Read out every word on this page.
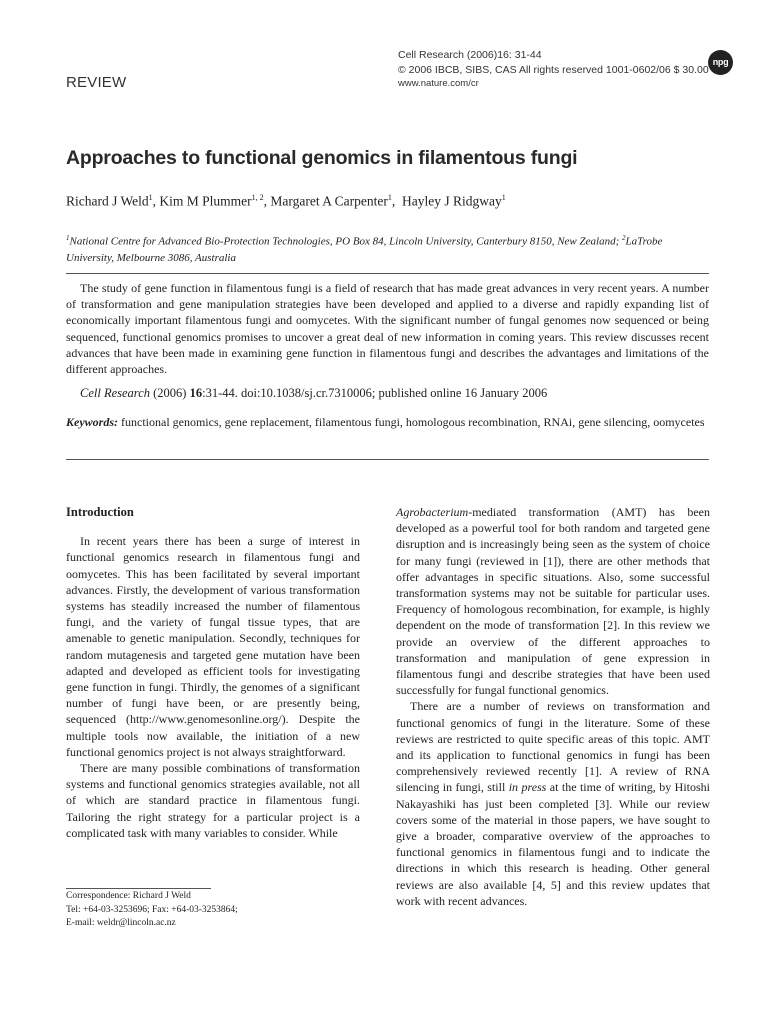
Cell Research (2006)16: 31-44
© 2006 IBCB, SIBS, CAS All rights reserved 1001-0602/06 $ 30.00
www.nature.com/cr
npg
REVIEW
Approaches to functional genomics in filamentous fungi
Richard J Weld$^1$, Kim M Plummer$^{1, 2}$, Margaret A Carpenter$^1$,  Hayley J Ridgway$^1$
$^1$National Centre for Advanced Bio-Protection Technologies, PO Box 84, Lincoln University, Canterbury 8150, New Zealand; $^2$LaTrobe University, Melbourne 3086, Australia

The study of gene function in filamentous fungi is a field of research that has made great advances in very recent years. A number of transformation and gene manipulation strategies have been developed and applied to a diverse and rapidly expanding list of economically important filamentous fungi and oomycetes. With the significant number of fungal genomes now sequenced or being sequenced, functional genomics promises to uncover a great deal of new information in coming years. This review discusses recent advances that have been made in examining gene function in filamentous fungi and describes the advantages and limitations of the different approaches.

Cell Research (2006) 16:31-44. doi:10.1038/sj.cr.7310006; published online 16 January 2006

Keywords: functional genomics, gene replacement, filamentous fungi, homologous recombination, RNAi, gene silencing, oomycetes

Introduction

In recent years there has been a surge of interest in functional genomics research in filamentous fungi and oomycetes. This has been facilitated by several important advances. Firstly, the development of various transformation systems has steadily increased the number of filamentous fungi, and the variety of fungal tissue types, that are amenable to genetic manipulation. Secondly, techniques for random mutagenesis and targeted gene mutation have been adapted and developed as efficient tools for investigating gene function in fungi. Thirdly, the genomes of a significant number of fungi have been, or are presently being, sequenced (http://www.genomesonline.org/). Despite the multiple tools now available, the initiation of a new functional genomics project is not always straightforward.

There are many possible combinations of transformation systems and functional genomics strategies available, not all of which are standard practice in filamentous fungi. Tailoring the right strategy for a particular project is a complicated task with many variables to consider. While

Agrobacterium-mediated transformation (AMT) has been developed as a powerful tool for both random and targeted gene disruption and is increasingly being seen as the system of choice for many fungi (reviewed in [1]), there are other methods that offer advantages in specific situations. Also, some successful transformation systems may not be suitable for particular uses. Frequency of homologous recombination, for example, is highly dependent on the mode of transformation [2]. In this review we provide an overview of the different approaches to transformation and manipulation of gene expression in filamentous fungi and describe strategies that have been used successfully for fungal functional genomics.

There are a number of reviews on transformation and functional genomics of fungi in the literature. Some of these reviews are restricted to quite specific areas of this topic. AMT and its application to functional genomics in fungi has been comprehensively reviewed recently [1]. A review of RNA silencing in fungi, still in press at the time of writing, by Hitoshi Nakayashiki has just been completed [3]. While our review covers some of the material in those papers, we have sought to give a broader, comparative overview of the approaches to functional genomics in filamentous fungi and to indicate the directions in which this research is heading. Other general reviews are also available [4, 5] and this review updates that work with recent advances.

Correspondence: Richard J Weld
Tel: +64-03-3253696; Fax: +64-03-3253864;
E-mail: weldr@lincoln.ac.nz
